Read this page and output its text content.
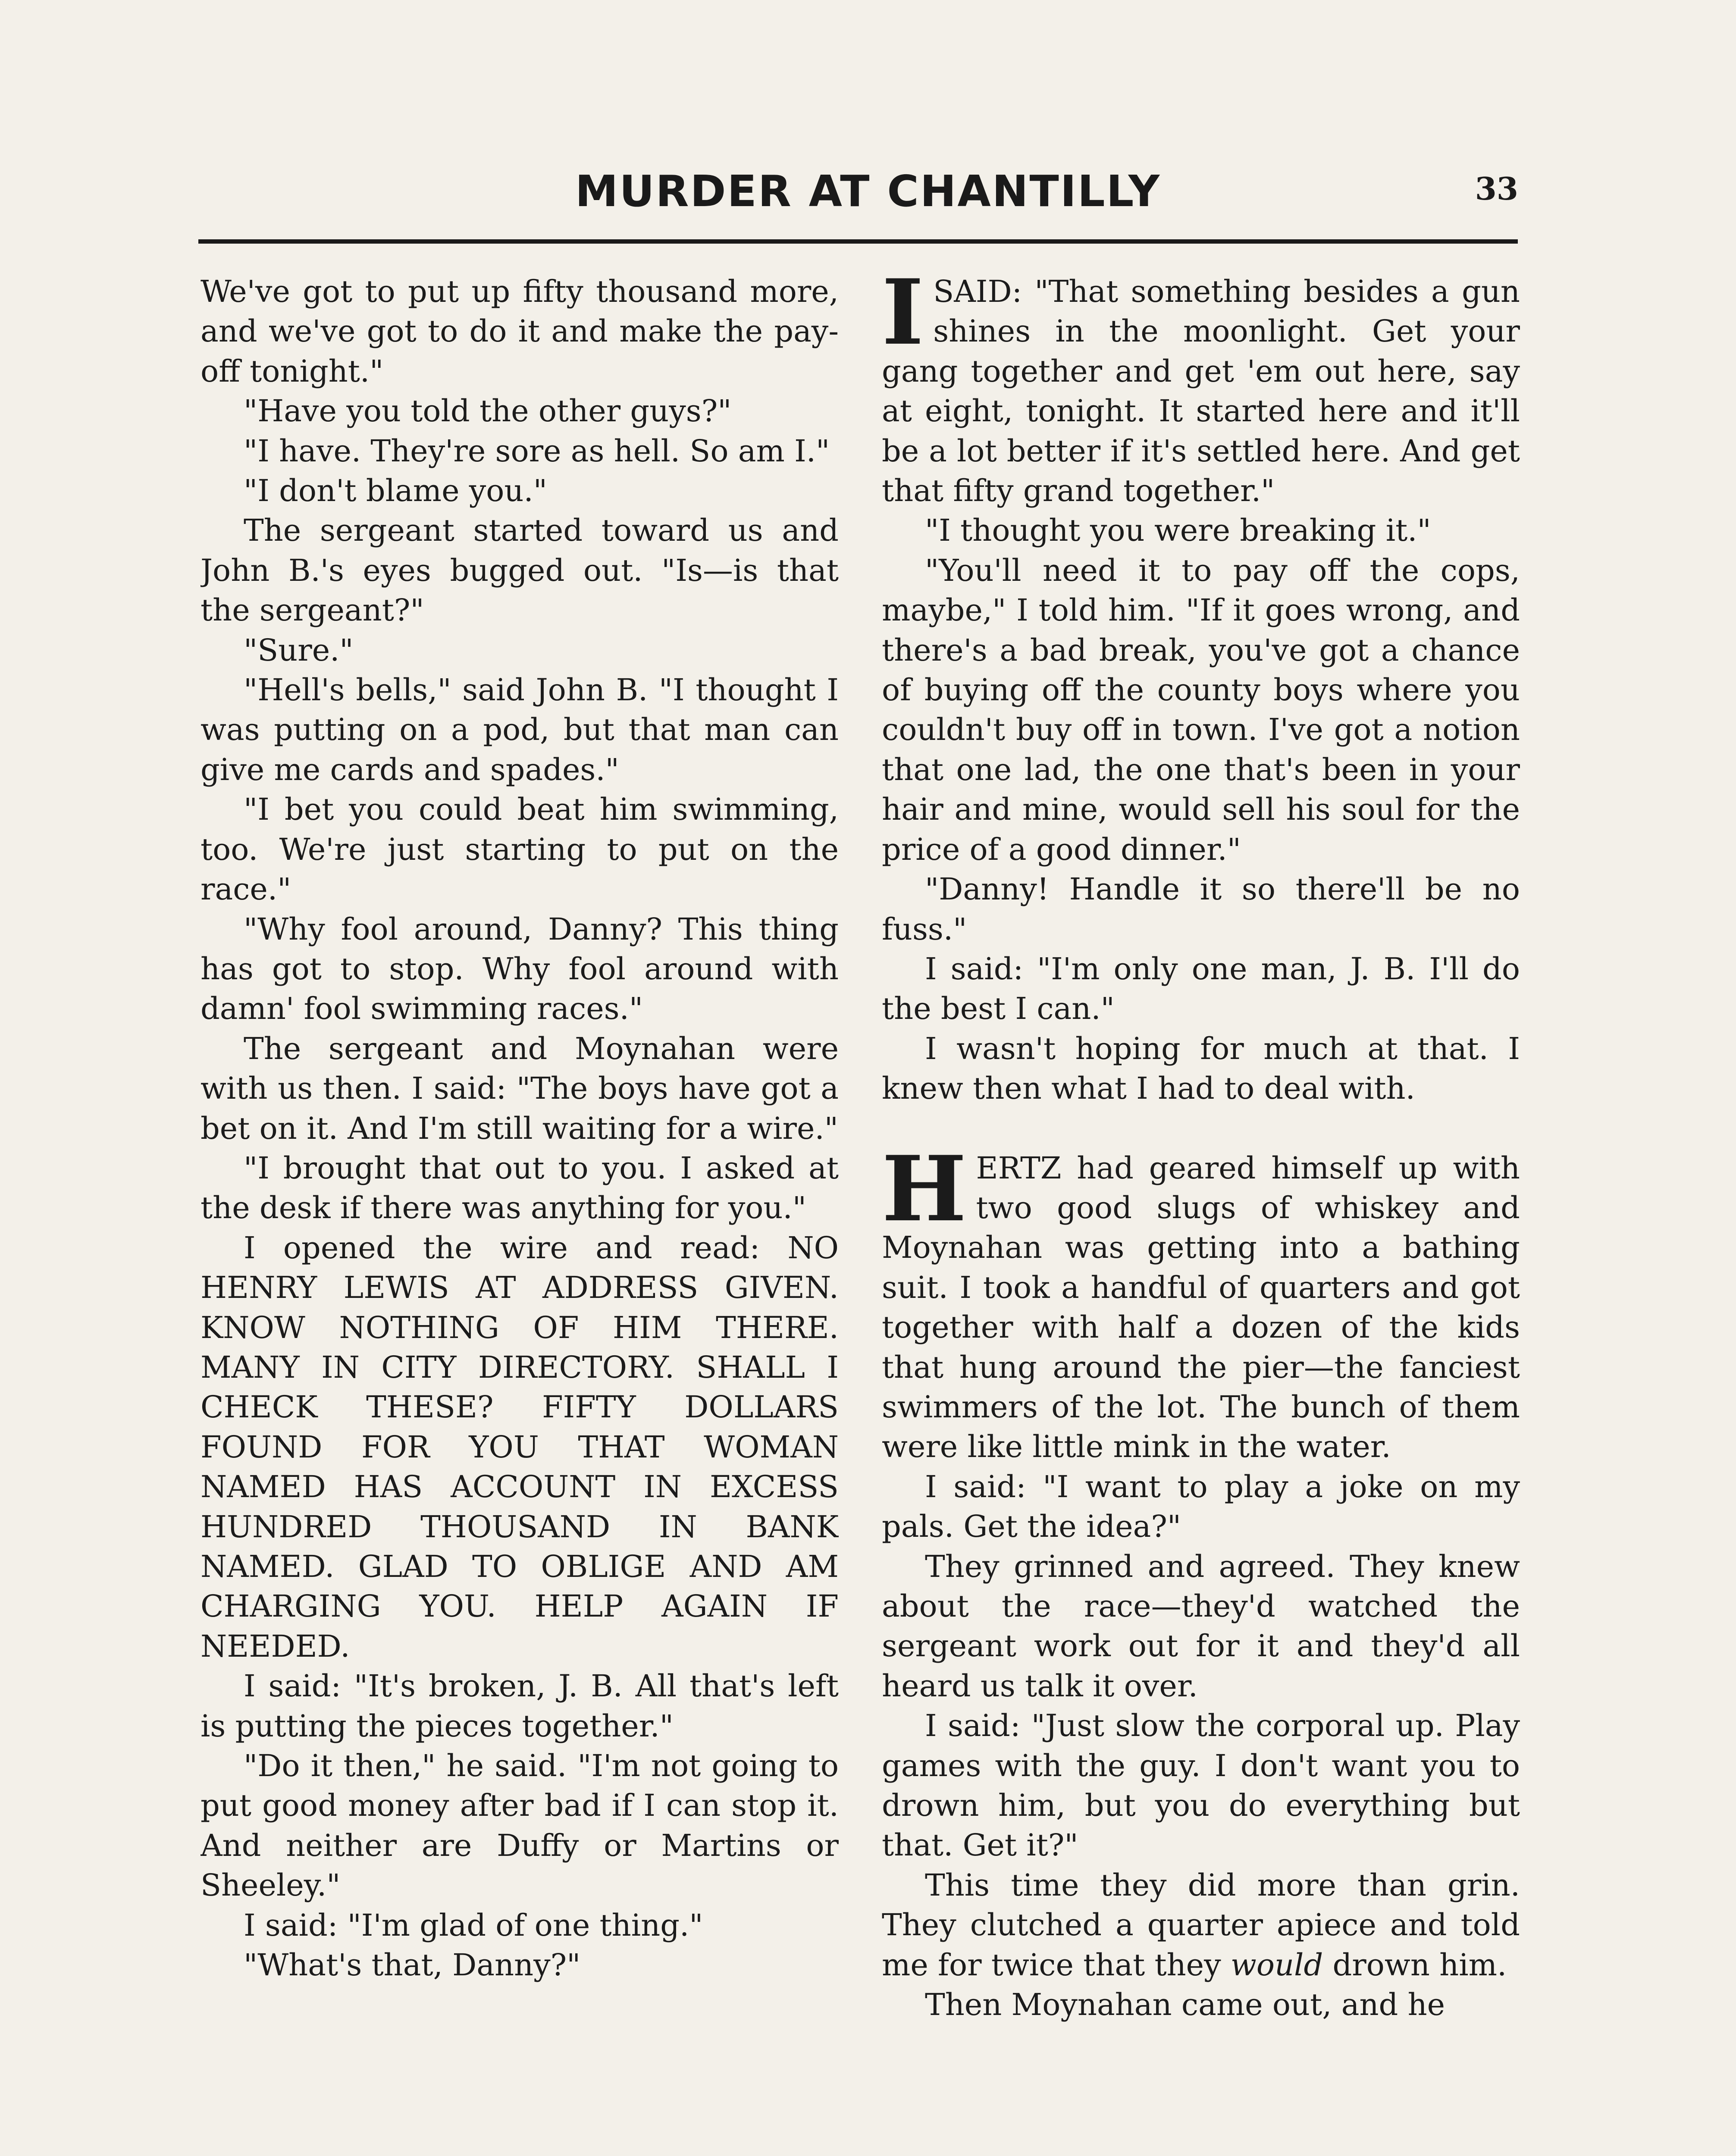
MURDER AT CHANTILLY	33

We've got to put up fifty thousand more, and we've got to do it and make the pay-off tonight."

"Have you told the other guys?"

"I have. They're sore as hell. So am I."

"I don't blame you."

The sergeant started toward us and John B.'s eyes bugged out. "Is—is that the sergeant?"

"Sure."

"Hell's bells," said John B. "I thought I was putting on a pod, but that man can give me cards and spades."

"I bet you could beat him swimming, too. We're just starting to put on the race."

"Why fool around, Danny? This thing has got to stop. Why fool around with damn' fool swimming races."

The sergeant and Moynahan were with us then. I said: "The boys have got a bet on it. And I'm still waiting for a wire."

"I brought that out to you. I asked at the desk if there was anything for you."

I opened the wire and read: NO HENRY LEWIS AT ADDRESS GIVEN. KNOW NOTHING OF HIM THERE. MANY IN CITY DIRECTORY. SHALL I CHECK THESE? FIFTY DOLLARS FOUND FOR YOU THAT WOMAN NAMED HAS ACCOUNT IN EXCESS HUNDRED THOUSAND IN BANK NAMED. GLAD TO OBLIGE AND AM CHARGING YOU. HELP AGAIN IF NEEDED.

I said: "It's broken, J. B. All that's left is putting the pieces together."

"Do it then," he said. "I'm not going to put good money after bad if I can stop it. And neither are Duffy or Martins or Sheeley."

I said: "I'm glad of one thing."

"What's that, Danny?"

ISAID: "That something besides a gun shines in the moonlight. Get your gang together and get 'em out here, say at eight, tonight. It started here and it'll be a lot better if it's settled here. And get that fifty grand together."

"I thought you were breaking it."

"You'll need it to pay off the cops, maybe," I told him. "If it goes wrong, and there's a bad break, you've got a chance of buying off the county boys where you couldn't buy off in town. I've got a notion that one lad, the one that's been in your hair and mine, would sell his soul for the price of a good dinner."

"Danny! Handle it so there'll be no fuss."

I said: "I'm only one man, J. B. I'll do the best I can."

I wasn't hoping for much at that. I knew then what I had to deal with.

HERTZ had geared himself up with two good slugs of whiskey and Moynahan was getting into a bathing suit. I took a handful of quarters and got together with half a dozen of the kids that hung around the pier—the fanciest swimmers of the lot. The bunch of them were like little mink in the water.

I said: "I want to play a joke on my pals. Get the idea?"

They grinned and agreed. They knew about the race—they'd watched the sergeant work out for it and they'd all heard us talk it over.

I said: "Just slow the corporal up. Play games with the guy. I don't want you to drown him, but you do everything but that. Get it?"

This time they did more than grin. They clutched a quarter apiece and told me for twice that they would drown him.

Then Moynahan came out, and he
